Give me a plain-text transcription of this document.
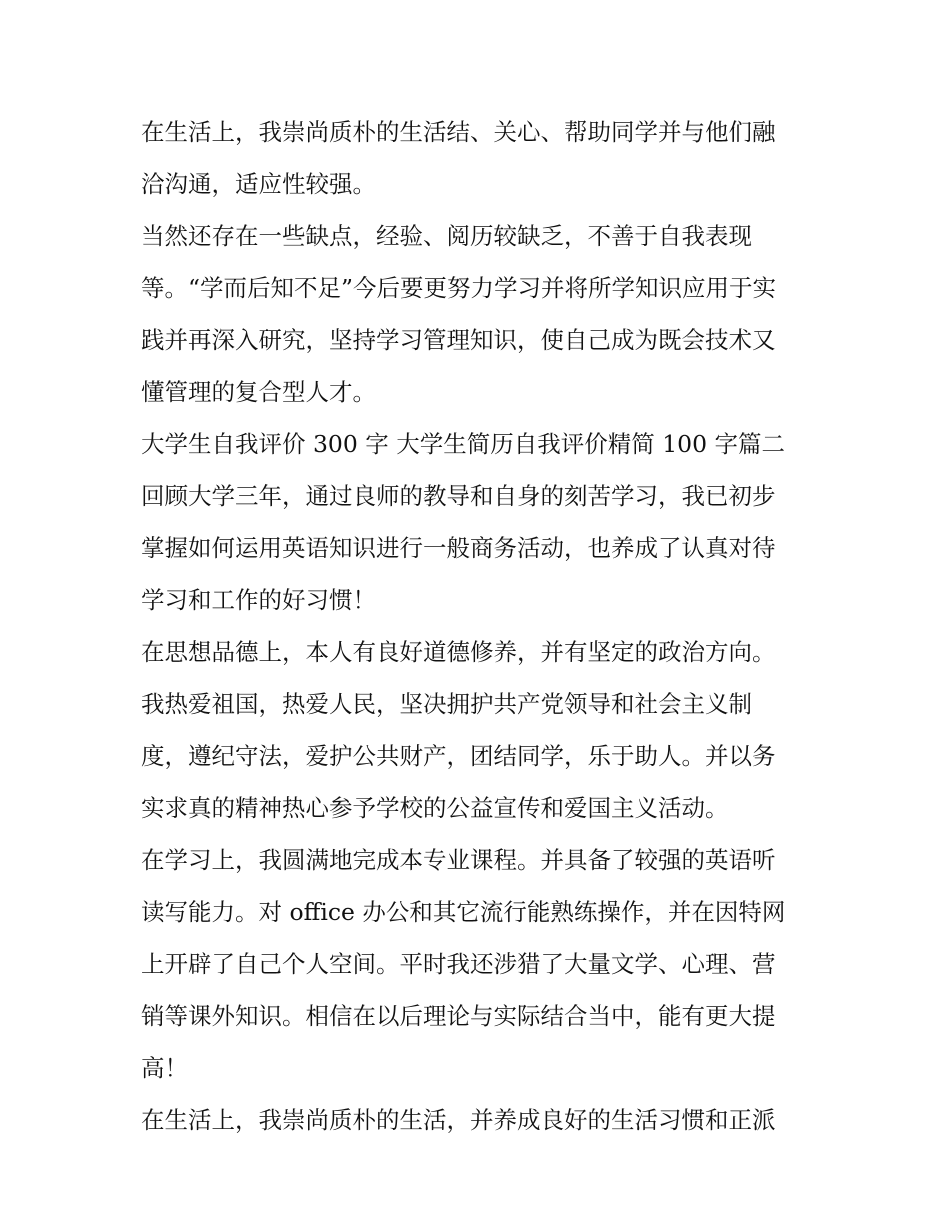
在生活上，我崇尚质朴的生活结、关心、帮助同学并与他们融
洽沟通，适应性较强。
当然还存在一些缺点，经验、阅历较缺乏，不善于自我表现
等。“学而后知不足”今后要更努力学习并将所学知识应用于实
践并再深入研究，坚持学习管理知识，使自己成为既会技术又
懂管理的复合型人才。
大学生自我评价 300 字 大学生简历自我评价精简 100 字篇二
回顾大学三年，通过良师的教导和自身的刻苦学习，我已初步
掌握如何运用英语知识进行一般商务活动，也养成了认真对待
学习和工作的好习惯！
在思想品德上，本人有良好道德修养，并有坚定的政治方向。
我热爱祖国，热爱人民，坚决拥护共产党领导和社会主义制
度，遵纪守法，爱护公共财产，团结同学，乐于助人。并以务
实求真的精神热心参予学校的公益宣传和爱国主义活动。
在学习上，我圆满地完成本专业课程。并具备了较强的英语听
读写能力。对 office 办公和其它流行能熟练操作，并在因特网
上开辟了自己个人空间。平时我还涉猎了大量文学、心理、营
销等课外知识。相信在以后理论与实际结合当中，能有更大提
高！
在生活上，我崇尚质朴的生活，并养成良好的生活习惯和正派
